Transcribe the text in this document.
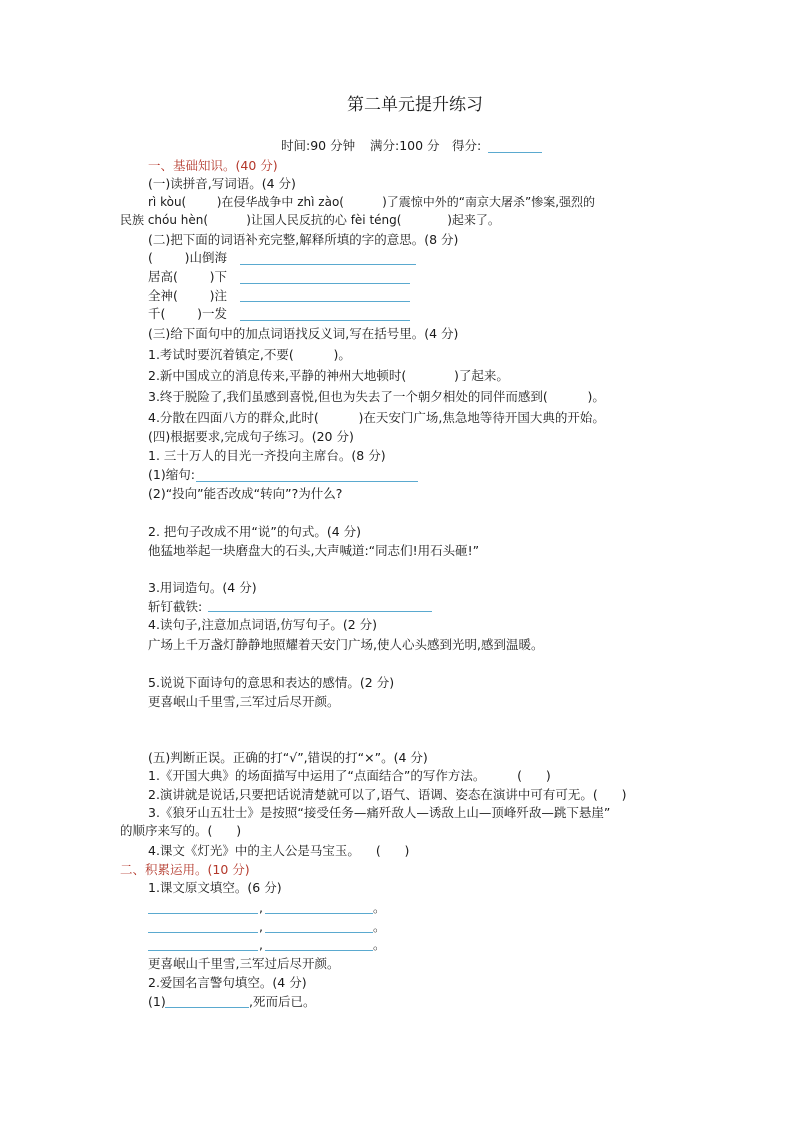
第二单元提升练习
时间:90 分钟 满分:100 分 得分:
一、基础知识。(40 分)
(一)读拼音,写词语。(4 分)
rì kòu(        )在侵华战争中 zhì zào(          )了震惊中外的“南京大屠杀”惨案,强烈的
民族 chóu hèn(          )让国人民反抗的心 fèi téng(            )起来了。
(二)把下面的词语补充完整,解释所填的字的意思。(8 分)
(        )山倒海
居高(        )下
全神(        )注
千(        )一发
(三)给下面句中的加点词语找反义词,写在括号里。(4 分)
1.考试时要沉着镇定,不要(          )。
2.新中国成立的消息传来,平静的神州大地顿时(            )了起来。
3.终于脱险了,我们虽感到喜悦,但也为失去了一个朝夕相处的同伴而感到(          )。
4.分散在四面八方的群众,此时(          )在天安门广场,焦急地等待开国大典的开始。
(四)根据要求,完成句子练习。(20 分)
1. 三十万人的目光一齐投向主席台。(8 分)
(1)缩句:
(2)“投向”能否改成“转向”?为什么?
2. 把句子改成不用“说”的句式。(4 分)
他猛地举起一块磨盘大的石头,大声喊道:“同志们!用石头砸!”
3.用词造句。(4 分)
斩钉截铁:
4.读句子,注意加点词语,仿写句子。(2 分)
广场上千万盏灯静静地照耀着天安门广场,使人心头感到光明,感到温暖。
5.说说下面诗句的意思和表达的感情。(2 分)
更喜岷山千里雪,三军过后尽开颜。
(五)判断正误。正确的打“√”,错误的打“×”。(4 分)
1.《开国大典》的场面描写中运用了“点面结合”的写作方法。        (      )
2.演讲就是说话,只要把话说清楚就可以了,语气、语调、姿态在演讲中可有可无。(      )
3.《狼牙山五壮士》是按照“接受任务—痛歼敌人—诱敌上山—顶峰歼敌—跳下悬崖”
的顺序来写的。(      )
4.课文《灯光》中的主人公是马宝玉。    (      )
二、积累运用。(10 分)
1.课文原文填空。(6 分)
,	。
,	。
,	。
更喜岷山千里雪,三军过后尽开颜。
2.爱国名言警句填空。(4 分)
(1)	,死而后已。
